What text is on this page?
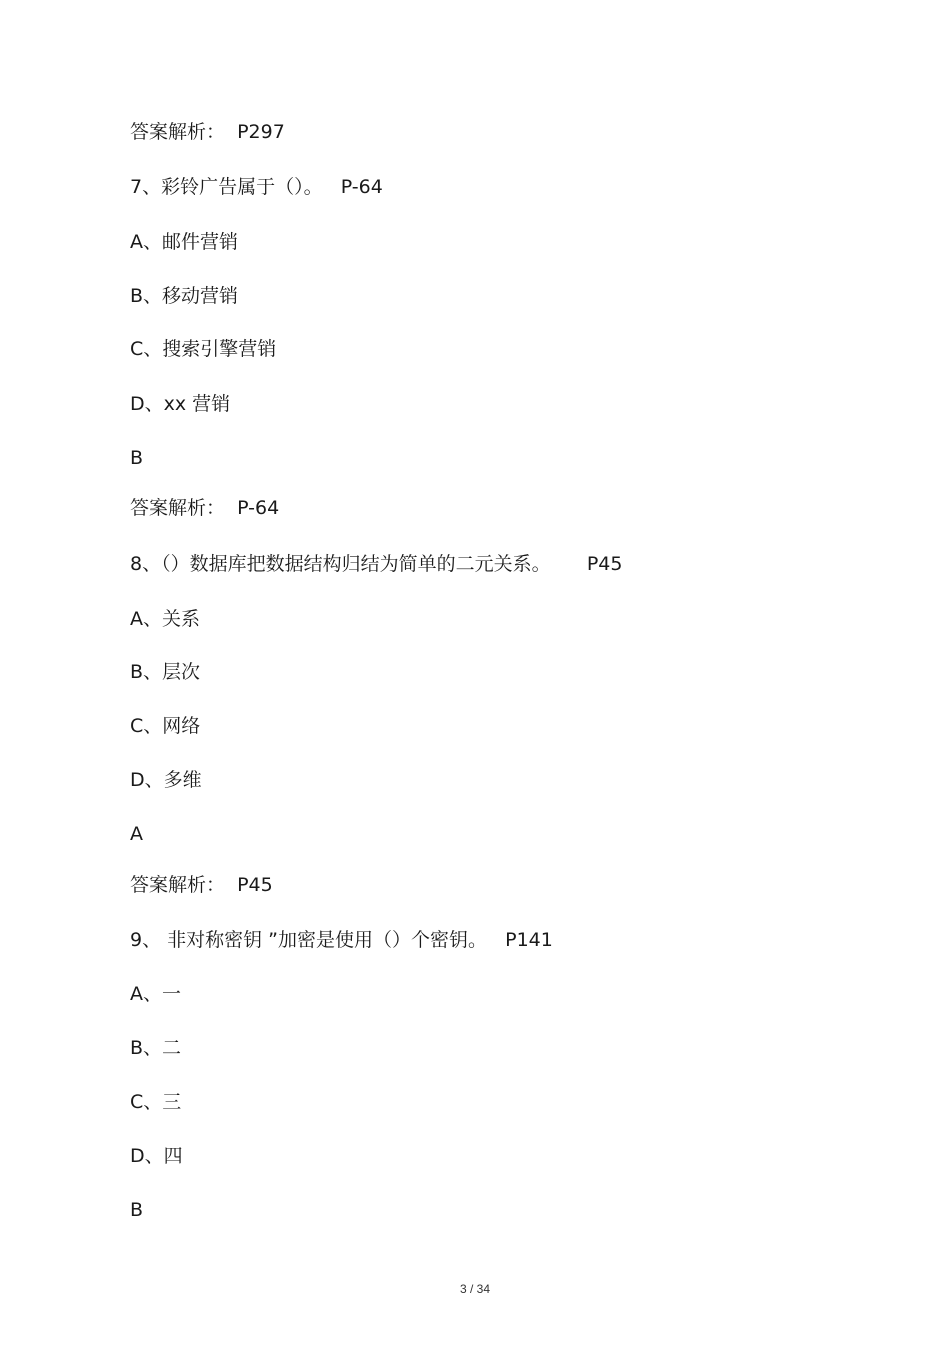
答案解析：  P297
7、彩铃广告属于（）。   P-64
A、邮件营销
B、移动营销
C、搜索引擎营销
D、xx 营销
B
答案解析：  P-64
8、（）数据库把数据结构归结为简单的二元关系。      P45
A、关系
B、层次
C、网络
D、多维
A
答案解析：  P45
9、 非对称密钥 ”加密是使用（）个密钥。   P141
A、一
B、二
C、三
D、四
B
3 / 34
